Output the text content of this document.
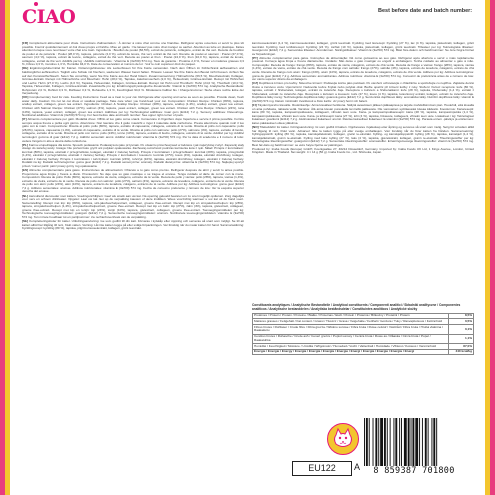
CIAO	Best before date and batch number:

[FR] Complément alimentaire pour chats. Instructions d'alimentation : À donner à votre chat comme une friandise. Réfrigérer après ouverture et servir le plus tôt possible. Fournir quotidiennement un bol d'eau propre et fraîche. Mise en garde : Ne laissez pas votre chat manger ce sachet. Attention au tube en plastique. Faites attention lorsque vous nourrissez votre chat à la main. Ingrédients : Bouillon de poulet (66,5%), extrait de pétoncle, collagène, extrait de thé vert. Recette de bouillon de poulet et de pétoncle : Poulet (28,0 %), tapioca, pétoncle (2,0 %), extrait de levure, thé vert, extrait de thé vert. Recette de poulet et saumon : Poulet (27,0 %), saumon (4,0 %), tapioca, extrait de levure, collagène, extrait de thé vert. Recette au poulet et thon : Poulet (24,0 %), thon (10,0 %), tapioca, extrait de levure, collagène, extrait de thé vert. Additifs par kg : Additifs nutritionnels : Vitamine E (3a700) 574 mg. Taux de garantie : Protéine 2,0 %, Teneur en matières grasses 0,3 %, Fibres 0,3 %, Cendres 1,3 %, Humidité 94,0 %. Date de conservation et numéro de lot : Voir le coin supérieur droit du paquet.

[DE] Ergänzungsfuttermittel für Katzen. Fütterungshinweise: Als Leckerbissen für Ihre Katze verwenden. Nach dem Öffnen im Kühlschrank aufbewahren und baldmöglichst aufbrauchen. Täglich eine Schale mit frischem, sauberem Wasser bereit halten. Hinweis: Lassen Sie Ihre Katze den Beutel nicht fressen. Achten Sie auf den Kunststoffschlauch. Seien Sie vorsichtig, wenn Sie Ihre Katze aus der Hand füttern. Zusammensetzung: Hühnerbrühe (66,5 %), Muschelextrakt, Kollagen, Grüntee-Extrakt. Rezept mit Hühnerbrühe und Muscheln: Huhn (28,0 %), Tapioka, Jakobsmuscheln (2,0 %), Hefeextrakt, Grüntee-Extrakt. Rezept mit Hühnchen und Lachs: Huhn (27,0 %), Lachs (4,0 %), Tapioka, Hefeextrakt, Kollagen, Grüntee-Extrakt. Rezept mit Huhn und Thunfisch: Huhn (24,0 %), Thunfisch (10,0 %), Tapioka, Hefeextrakt, Kollagen, Grüntee-Extrakt. Zusatzstoffe pro kg: Ernährungsphysiologische Zusatzstoffe: Vitamin E (3a700) 574 mg. Analytische Bestandteile: Rohprotein 2,0 %, Rohfett 0,3 %, Rohfaser 0,3 %, Rohasche 1,3 %, Feuchtigkeit 94,0 %. Mindestens haltbar bis / Chargennummer: Siehe obere rechte Ecke der Verpackung.

[UK] Complementary food for cats. Feeding Instructions: Feed as a treat to your cat. Refrigerate after opening and serve as soon as possible. Provide clean, fresh water daily. Caution: Do not let cat chew or swallow package. Take care when you hand-feed your cat. Composition: Chicken Recipe: Chicken (80%), tapioca, scallop extract, collagen, green tea extract. Ingredients: Chicken & Scallop Recipe: Chicken (28%), tapioca, scallop (1.4%), scallop extract, green tea extract. Chicken with Salmon Recipe: Chicken (27%), salmon (4%), tapioca, yeast extract, collagen, green tea extract. Chicken with Tuna Recipe: Chicken (24%), tuna (10%), tapioca, yeast extract, collagen, green tea extract. Additives per kg: Technological additives: Guar gum (E412) 7.2 g. Sensory additives: Flavourings. Nutritional additives: Vitamin E (3a700) 574 mg. For best before date and batch number: See upper right corner of pack.

[IT] Alimento complementare per gatti. Modalità d'uso: Offrilo al tuo gatto come snack. Conservare in frigorifero dopo l'apertura e servire il prima possibile. Fornire sempre acqua fresca e pulita ogni giorno. Attenzione: Non lasciare che il gatto mastichi o ingoi il materiale della confezione. Presta attenzione quando nutri il tuo gatto con le mani. Composizione: Ricetta al pollo: pollo (80%), tapioca, estratto di capesante, collagene, estratto di tè verde. Ricetta al pollo con capesante: pollo (28,0%), tapioca, capesante (1,4%), estratto di capesante, estratto di tè verde. Ricetta al pollo con salmone: pollo (27%), salmone (4%), tapioca, estratto di lievito, collagene, estratto di tè verde. Ricetta al pollo con tonno: pollo (24%), tonno (10%), tapioca, estratto di lievito, collagene, estratto di tè verde. Additivi per kg: Additivi tecnologici: gomma di guar (E412) 7,2 g. Additivi sensoriali: aromi. Additivi nutrizionali: vitamina E (3a700) 574 mg. Per la data di scadenza e il numero di lotto: vedere l'angolo in alto a destra della confezione.

[PL] Karma uzupełniająca dla kotów. Sposób podawania: Podawaj kotu jako przysmak. Po otwarciu przechowywać w lodówce i jak najszybciej zużyć. Zapewnij stały dostęp do świeżej wody. Uwaga: Nie pozwól kotu gryźć ani połykać opakowania. Zachowaj ostrożność podczas karmienia kota z ręki. Skład: Przepis z kurczakiem: kurczak (80%), tapioka, ekstrakt z przegrzebków, kolagen, ekstrakt z zielonej herbaty. Przepis z kurczakiem i przegrzebkami: kurczak (28%), tapioka, przegrzebki (1,4%), ekstrakt z przegrzebków, ekstrakt z zielonej herbaty. Przepis z kurczakiem i łososiem: kurczak (27%), łosoś (4%), tapioka, ekstrakt drożdżowy, kolagen, ekstrakt z zielonej herbaty. Przepis z kurczakiem i tuńczykiem: kurczak (24%), tuńczyk (10%), tapioka, ekstrakt drożdżowy, kolagen, ekstrakt z zielonej herbaty. Dodatki na kg: Dodatki technologiczne: guma guar (E412) 7,2 g. Dodatki sensoryczne: aromaty. Dodatki dietetyczne: witamina E (3a700) 574 mg. Najlepiej spożyć przed / numer partii: patrz prawy górny róg opakowania.

[ES] Alimento complementario para gatos. Instrucciones de alimentación: Ofrécelo a tu gato como premio. Refrigerar después de abrir y servir lo antes posible. Proporcione agua limpia y fresca a diario. Precaución: No deje que su gato mastique o se trague el envase. Tenga cuidado al darle de comer con la mano. Composición: Receta de pollo: Pollo (80%), tapioca, extracto de vieira, colágeno, extracto de té verde. Receta de pollo y vieiras: pollo (28%), tapioca, vieiras (1,4%), extracto de vieira, extracto de té verde. Receta de pollo con salmón: pollo (27%), salmón (4%), tapioca, extracto de levadura, colágeno, extracto de té verde. Receta de pollo con atún: pollo (24%), atún (10%), tapioca, extracto de levadura, colágeno, extracto de té verde. Aditivos por kg: Aditivos tecnológicos: goma guar (E412) 7,2 g. Aditivos sensoriales: aromas. Aditivos nutricionales: vitamina E (3a700) 574 mg. Fecha de consumo preferente y número de lote: Ver la esquina superior derecha del envase.

[NL] Aanvullend diervoeder voor katten. Voedingsrichtlijnen: Geef als snack aan uw kat. Na opening gekoeld bewaren en zo snel mogelijk opdienen. Zorg dagelijks voor vers en schoon drinkwater. Opgelet: Laat uw kat niet op de verpakking kauwen of deze inslikken. Wees voorzichtig wanneer u uw kat uit de hand voert. Samenstelling: Recept met kip: kip (80%), tapioca, sint-jakobsschelpextract, collageen, groene thee-extract. Recept met kip en sint-jakobsschelpen: kip (28%), tapioca, sint-jakobsschelpen (1,4%), sint-jakobsschelpextract, groene thee-extract. Recept met kip en zalm: kip (27%), zalm (4%), tapioca, gistextract, collageen, groene thee-extract. Recept met kip en tonijn: kip (24%), tonijn (10%), tapioca, gistextract, collageen, groene thee-extract. Toevoegingsmiddelen per kg: Technologische toevoegingsmiddelen: guargom (E412) 7,2 g. Sensorische toevoegingsmiddelen: aroma's. Nutritionele toevoegingsmiddelen: vitamine E (3a700) 574 mg. Ten minste houdbaar tot en partijnummer: zie rechterbovenhoek van de verpakking.

[SE] Kompletteringsfoder för katter. Utfodringsanvisning: Ge som godbit till din katt. Förvaras i kylskåp efter öppning och serveras så snart som möjligt. Se till att katten alltid har tillgång till rent, friskt vatten. Varning: Låt inte katten tugga på eller svälja förpackningen. Var försiktig när du matar katten för hand. Sammansättning: Kycklingrecept: kyckling (80 %), tapioka, pilgrimsmusselextrakt, kollagen, grönt teextrakt.

kammusselextrakt (1,4 %), kammusselextrakt, kollagen, grönt teextrakt. Kyckling med laxrecept: Kyckling (27 %), lax (4 %), tapioka, jästextrakt, kollagen, grönt teextrakt. Kyckling med tonfiskrecept: Kyckling (24 %), tonfisk (10 %), tapioka, jästextrakt, kollagen, grönt teextrakt. Tillsatser per kg: Teknologiska tillsatser: Guargummi (E412) 7,2 g. Sensoriska tillsatser: Aromämnen. Näringstillsatser: Vitamin E (3a700) 574 mg. Bäst före-datum och batchnummer: Se övre högra hörnet av förpackningen.

[PT] Alimento complementar para gatos. Instruções de alimentação: Dê como guloseima ao seu gato. Refrigerar após abertura e servir o mais rapidamente possível. Forneça água limpa e fresca diariamente. Cuidado: Não deixe o gato mastigar ou engolir a embalagem. Tenha cuidado ao alimentar o gato à mão. Composição: Receita de frango: frango (80%), tapioca, extrato de vieira, colagénio, extrato de chá verde. Receita de frango e vieiras: frango (28%), tapioca, vieiras (1,4%), extrato de vieira, extrato de chá verde. Receita de frango com salmão: frango (27%), salmão (4%), tapioca, extrato de levedura, colagénio, extrato de chá verde. Receita de frango com atum: frango (24%), atum (10%), tapioca, extrato de levedura, colagénio, extrato de chá verde. Aditivos por kg: Aditivos tecnológicos: goma de guar (E412) 7,2 g. Aditivos sensoriais: aromatizantes. Aditivos nutritivos: vitamina E (3a700) 574 mg. Consumir de preferência antes de e número de lote: ver canto superior direito da embalagem.

[CZ] Doplňkové krmivo pro kočky. Návod ke krmení: Podávejte kočce jako pamlsek. Po otevření uchovávejte v chladničce a spotřebujte co nejdříve. Zajistěte denně čistou a čerstvou vodu. Upozornění: Nedovolte kočce žvýkat nebo polykat obal. Buďte opatrní při krmení kočky z ruky. Složení: Kuřecí receptura: kuře (80 %), tapioka, extrakt z hřebenatek, kolagen, extrakt ze zeleného čaje. Receptura s kuřetem a hřebenatkami: kuře (28 %), tapioka, hřebenatky (1,4 %), extrakt z hřebenatek, extrakt ze zeleného čaje. Receptura s kuřetem a lososem: kuře (27 %), losos (4 %), tapioka, kvasnicový extrakt, kolagen, extrakt ze zeleného čaje. Doplňkové látky na kg: Technologické doplňkové látky: guarová guma (E412) 7,2 g. Senzorické doplňkové látky: aromatické látky. Nutriční doplňkové látky: vitamin E (3a700) 574 mg. Datum minimální trvanlivosti a číslo šarže: viz pravý horní roh balení.

[FI] Täydennysrehu kissoille. Ruokintaohje: Anna kissallesi herkkuna. Säilytä avaamisen jälkeen jääkaapissa ja tarjoile mahdollisimman pian. Huolehdi, että kissalla on aina puhdasta, raikasta vettä. Varoitus: Älä anna kissan pureskella tai niellä pakkausta. Ole varovainen syöttäessäsi kissaa kädestä. Koostumus: Kanaresepti: kana (80 %), tapioka, kampasimpukkauute, kollageeni, vihreän teen uute. Kana- ja kampasimpukkaresepti: kana (28 %), tapioka, kampasimpukka (1,4 %), kampasimpukkauute, vihreän teen uute. Kana- ja lohiresepti: kana (27 %), lohi (4 %), tapioka, hiivauute, kollageeni, vihreän teen uute. Lisäaineet / kg: Teknologiset lisäaineet: guarkumi (E412) 7,2 g. Aistinvaraiset lisäaineet: aromit. Ravitsemukselliset lisäaineet: E-vitamiini (3a700) 574 mg. Parasta ennen -päiväys ja eränumero: katso pakkauksen oikea yläkulma.

[NO] Tilskuddsfôr for katter. Fôringsanvisning: Gi som godbit til katten. Oppbevares i kjøleskap etter åpning og serveres så snart som mulig. Sørg for at katten alltid har tilgang til rent, friskt vann. Advarsel: Ikke la katten tygge på eller svelge emballasjen. Vær forsiktig når du fôrer katten fra hånden. Sammensetning: Kyllingoppskrift: kylling (80 %), tapioka, kamskjellekstrakt, kollagen, grønn te-ekstrakt. Kylling- og kamskjelloppskrift: kylling (28 %), tapioka, kamskjell (1,4 %), kamskjellekstrakt, grønn te-ekstrakt. Kylling med laks: kylling (27 %), laks (4 %), tapioka, gjærekstrakt, kollagen, grønn te-ekstrakt. Tilsetningsstoffer per kg: Teknologiske tilsetningsstoffer: guargummi (E412) 7,2 g. Sensoriske tilsetningsstoffer: aromastoffer. Ernæringsmessige tilsetningsstoffer: vitamin E (3a700) 574 mg. Best før-dato og batchnummer: se øvre høyre hjørne av pakningen.

Produced by: Inaba Foods (Europe) GmbH, Koenigsallee 27, 40212 Düsseldorf, Germany. Imported by: Inaba Foods UK Ltd, 1 Kings Avenue, London, United Kingdom. Made in Thailand. Net weight: 4 × 14 g (56 g). Inaba Foods Co., Ltd. Shizuoka, Japan.

Constituants analytiques / Analytische Bestandteile / Analytical constituents / Componenti analitici / Składniki analityczne / Componentes analíticos / Analytische bestanddelen / Analytiska beståndsdelar / Constituintes analíticos / Analytické složky
Protéines / Protein / Protein / Proteine / Białko / Proteínas / Eiwit / Protein / Proteína / Bílkoviny / Proteiini / Protein	8,5%
Matières grasses / Fettgehalt / Fat content / Grassi / Tłuszcz / Grasa / Vetgehalte / Fetthalt / Gordura / Tuky / Rasvapitoisuus / Fettinnhold	0,5%
Fibres brutes / Rohfaser / Crude fibre / Fibra grezza / Włókno surowe / Fibra bruta / Ruwe celstof / Växttråd / Fibra bruta / Hrubá vláknina / Raakakuitu	0,1%
Cendres brutes / Rohasche / Crude ash / Ceneri grezze / Popiół surowy / Ceniza bruta / Ruwe as / Råaska / Cinza bruta / Popel / Raakatuhka	1,1%
Humidité / Feuchtigkeit / Moisture / Umidità / Wilgotność / Humedad / Vocht / Vattenhalt / Humidade / Vlhkost / Kosteus / Vanninnhold	87,0%
Énergie / Energie / Energy / Energia / Energia / Energía / Energie / Energi / Energia / Energie / Energia / Energi	440 kcal/kg
EU122	A	8 859387 701800
